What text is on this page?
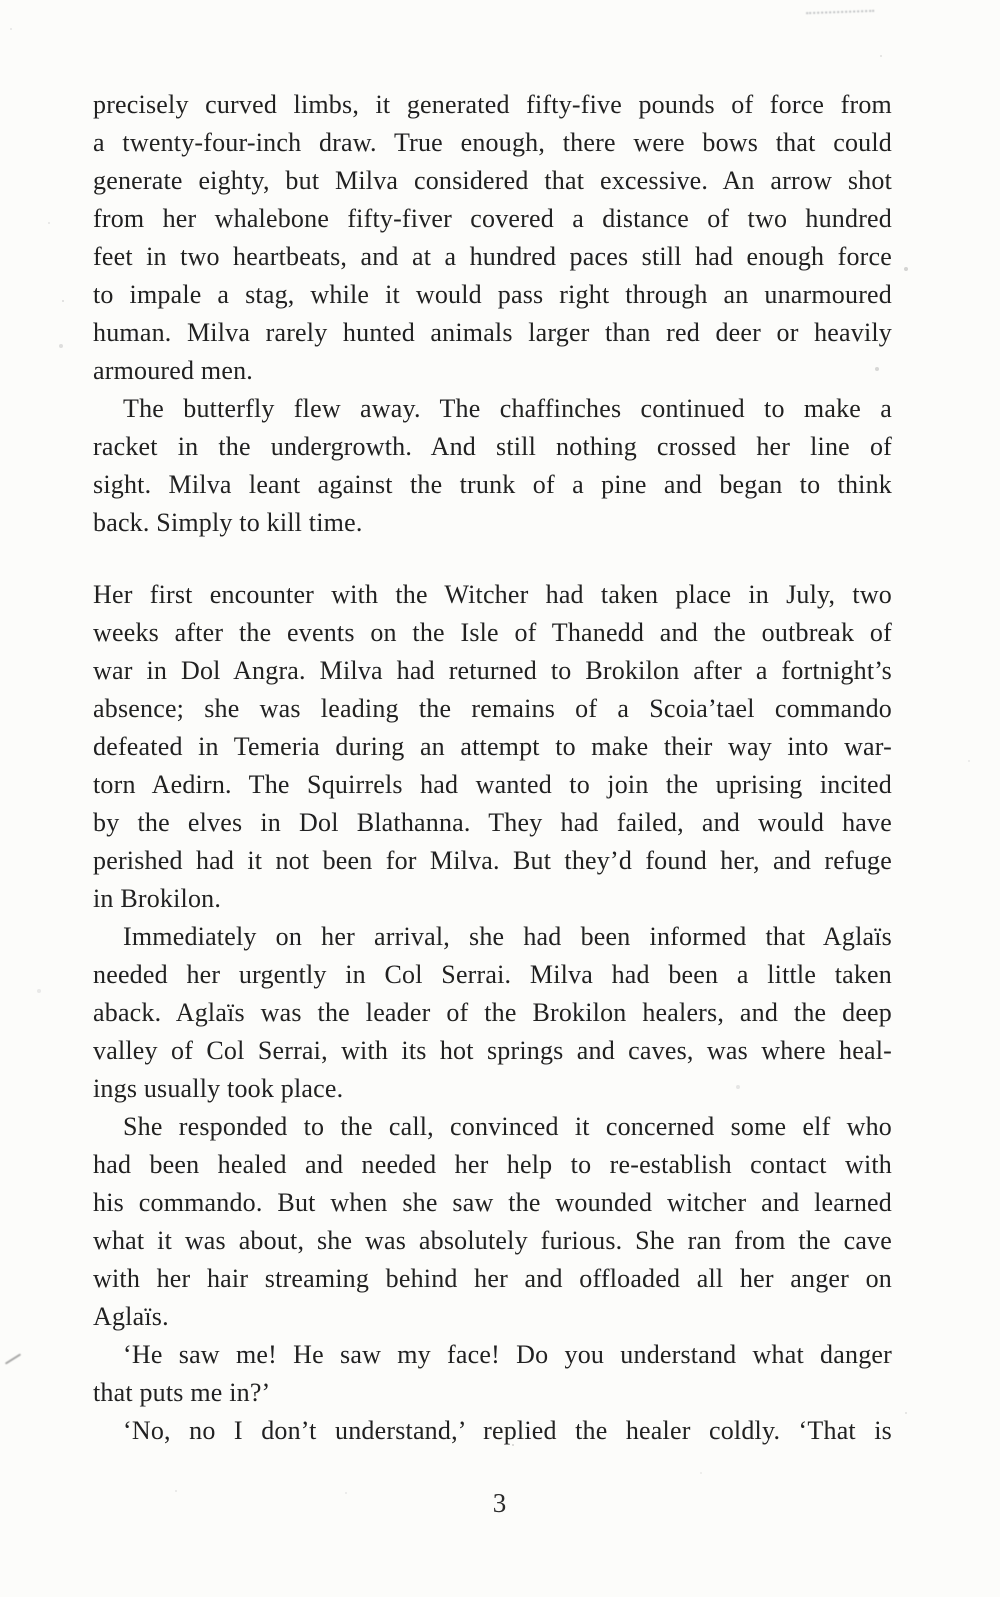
precisely curved limbs, it generated fifty-five pounds of force from
a twenty-four-inch draw. True enough, there were bows that could
generate eighty, but Milva considered that excessive. An arrow shot
from her whalebone fifty-fiver covered a distance of two hundred
feet in two heartbeats, and at a hundred paces still had enough force
to impale a stag, while it would pass right through an unarmoured
human. Milva rarely hunted animals larger than red deer or heavily
armoured men.
The butterfly flew away. The chaffinches continued to make a
racket in the undergrowth. And still nothing crossed her line of
sight. Milva leant against the trunk of a pine and began to think
back. Simply to kill time.
Her first encounter with the Witcher had taken place in July, two
weeks after the events on the Isle of Thanedd and the outbreak of
war in Dol Angra. Milva had returned to Brokilon after a fortnight’s
absence; she was leading the remains of a Scoia’tael commando
defeated in Temeria during an attempt to make their way into war-
torn Aedirn. The Squirrels had wanted to join the uprising incited
by the elves in Dol Blathanna. They had failed, and would have
perished had it not been for Milva. But they’d found her, and refuge
in Brokilon.
Immediately on her arrival, she had been informed that Aglaïs
needed her urgently in Col Serrai. Milva had been a little taken
aback. Aglaïs was the leader of the Brokilon healers, and the deep
valley of Col Serrai, with its hot springs and caves, was where heal-
ings usually took place.
She responded to the call, convinced it concerned some elf who
had been healed and needed her help to re-establish contact with
his commando. But when she saw the wounded witcher and learned
what it was about, she was absolutely furious. She ran from the cave
with her hair streaming behind her and offloaded all her anger on
Aglaïs.
‘He saw me! He saw my face! Do you understand what danger
that puts me in?’
‘No, no I don’t understand,’ replied the healer coldly. ‘That is
3
